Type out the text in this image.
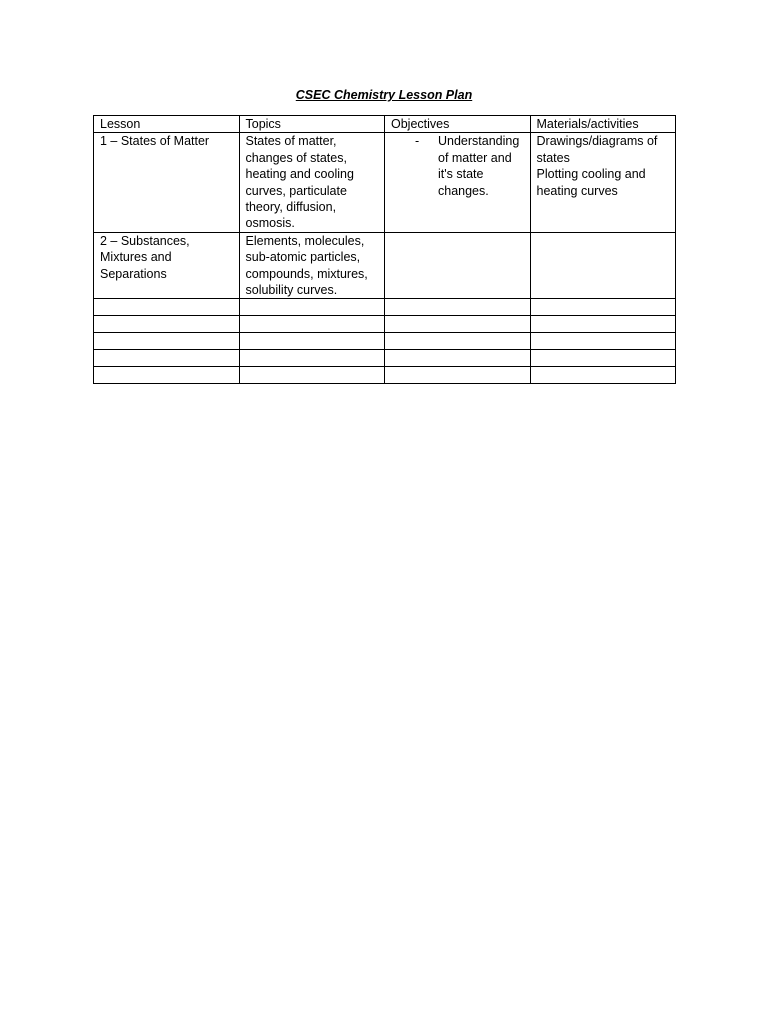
CSEC Chemistry Lesson Plan
Lesson	Topics	Objectives	Materials/activities
1 – States of Matter	States of matter, changes of states, heating and cooling curves, particulate theory, diffusion, osmosis.	- Understanding of matter and it's state changes.	Drawings/diagrams of states
Plotting cooling and heating curves

2 – Substances, Mixtures and Separations	Elements, molecules, sub-atomic particles, compounds, mixtures, solubility curves.		
